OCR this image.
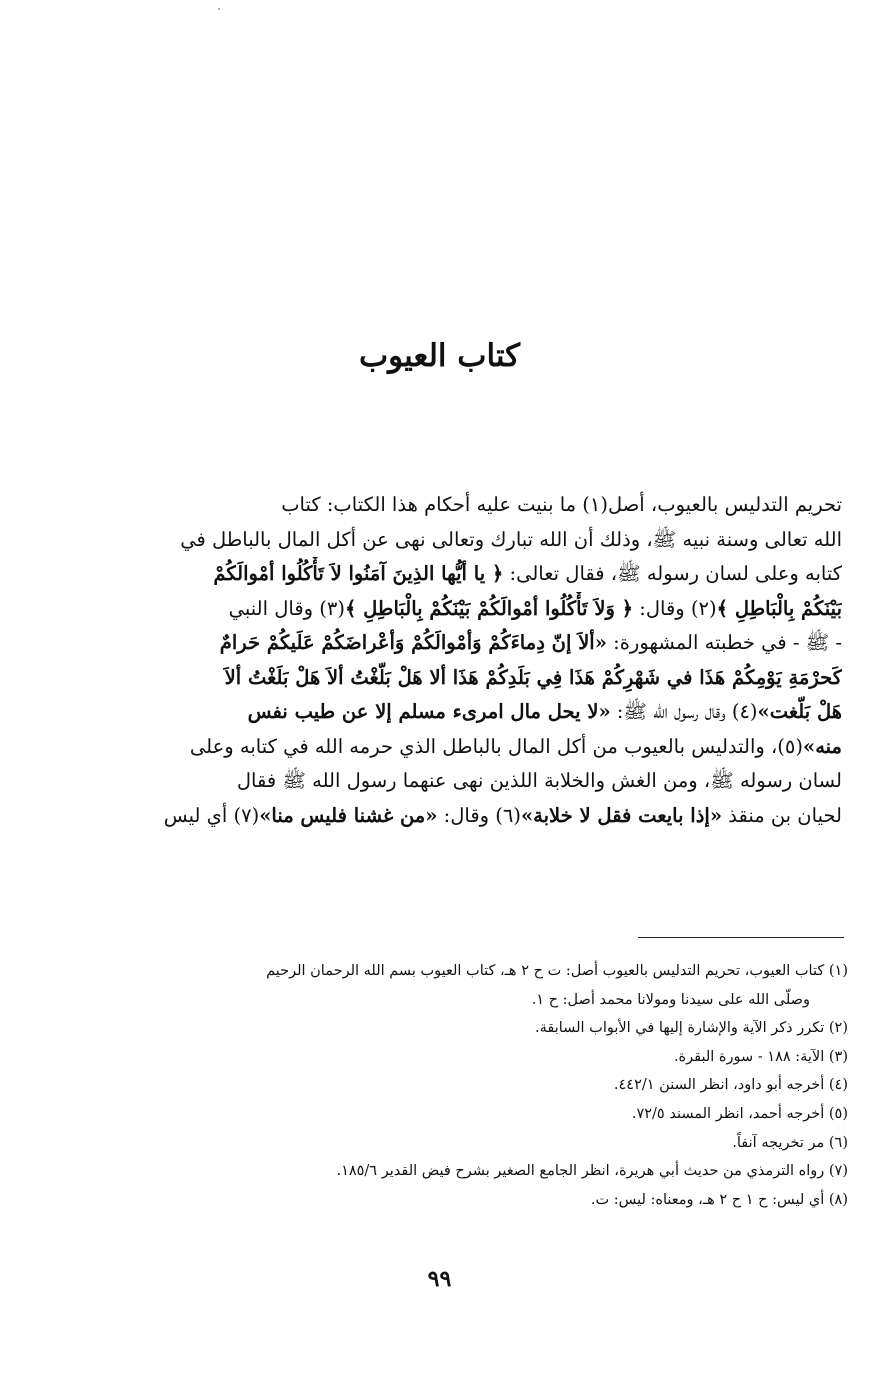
كتاب العيوب
تحريم التدليس بالعيوب، أصل(١) ما بنيت عليه أحكام هذا الكتاب: كتاب
الله تعالى وسنة نبيه ﷺ، وذلك أن الله تبارك وتعالى نهى عن أكل المال بالباطل في
كتابه وعلى لسان رسوله ﷺ، فقال تعالى: ﴿ يا أيُّها الذِينَ آمَنُوا لاَ تَأْكُلُوا أمْوالَكُمْ
بَيْنَكُمْ بِالْبَاطِلِ ﴾(٢) وقال: ﴿ وَلاَ تَأْكُلُوا أمْوالَكُمْ بَيْنَكُمْ بِالْبَاطِلِ ﴾(٣) وقال النبي
- ﷺ - في خطبته المشهورة: «ألاَ إنّ دِماءَكُمْ وَأمْوالَكُمْ وَأعْراضَكُمْ عَلَيكُمْ حَرامٌ
كَحرْمَةِ يَوْمِكُمْ هَذَا في شَهْرِكُمْ هَذَا فِي بَلَدِكُمْ هَذَا ألا هَلْ بَلّغْتُ ألاَ هَلْ بَلَغْتُ ألاَ
هَلْ بَلّغت»(٤) وقال رسول الله ﷺ: «لا يحل مال امرىء مسلم إلا عن طيب نفس
منه»(٥)، والتدليس بالعيوب من أكل المال بالباطل الذي حرمه الله في كتابه وعلى
لسان رسوله ﷺ، ومن الغش والخلابة اللذين نهى عنهما رسول الله ﷺ فقال
لحيان بن منقذ «إذا بايعت فقل لا خلابة»(٦) وقال: «من غشنا فليس منا»(٧) أي ليس
(١) كتاب العيوب، تحريم التدليس بالعيوب أصل: ت ح ٢ هـ، كتاب العيوب بسم الله الرحمان الرحيم
وصلّى الله على سيدنا ومولانا محمد أصل: ح ١.
(٢) تكرر ذكر الآية والإشارة إليها في الأبواب السابقة.
(٣) الآية: ١٨٨ - سورة البقرة.
(٤) أخرجه أبو داود، انظر السنن ٤٤٢/١.
(٥) أخرجه أحمد، انظر المسند ٧٢/٥.
(٦) مر تخريجه آنفاً.
(٧) رواه الترمذي من حديث أبي هريرة، انظر الجامع الصغير بشرح فيض القدير ١٨٥/٦.
(٨) أي ليس: ح ١ ح ٢ هـ، ومعناه: ليس: ت.
٩٩
